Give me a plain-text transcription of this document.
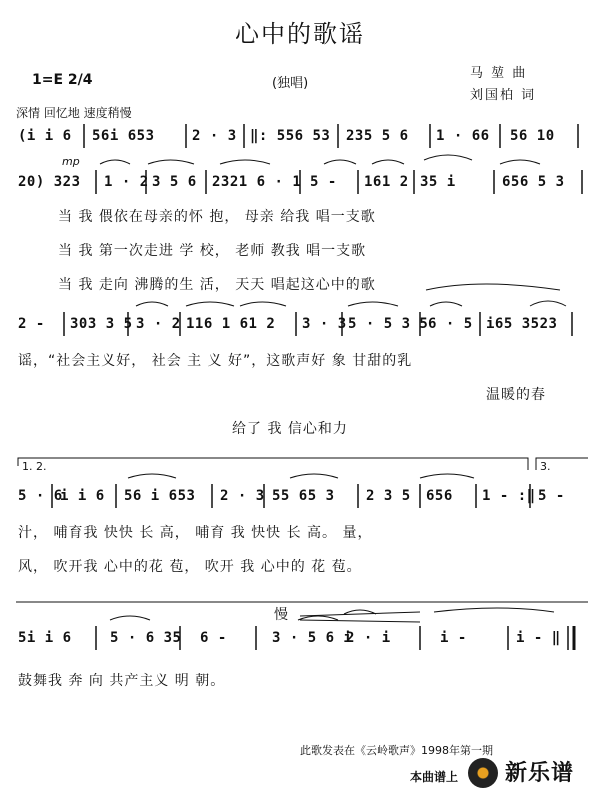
心中的歌谣
1=E 2/4	(独唱)
马 堃 曲
刘国柏 词
深情 回忆地 速度稍慢
mp
(i i 6 56i 653	2 · 3 ‖: 556 53 235 5 6 1 · 66 56 10
20) 323 1 · 2 3 5 6 2321 6 · 1 5 - 161 2 35 i	656 5 3
当 我 偎依在母亲的怀 抱， 母亲 给我 唱一支歌
当 我 第一次走进 学 校， 老师 教我 唱一支歌
当 我 走向 沸腾的生 活， 天天 唱起这心中的歌
2 - 303 3 5 3 · 2 116 1 61 2 3 · 3 5 · 5 3 5 6 · 5 i65 3523
谣，“社会主义好， 社会 主 义 好”，这歌声好 象 甘甜的乳
温暖的春
给了 我 信心和力
1. 2.	3.
5 · 6
i i 6 56 i 653 2 · 3 55 65 3 2 3 5 656 1 - :‖ 5 -
汁， 哺育我 快快 长 高， 哺育 我 快快 长 高。 量，
风， 吹开我 心中的花 苞， 吹开 我 心中的 花 苞。
慢
5i i 6	5 · 6 35 6 -	3 · 5 6 i
2 · i	i -	i - ‖
鼓舞我 奔 向 共产主义 明 朝。
此歌发表在《云岭歌声》1998年第一期
本曲谱上 新乐谱
